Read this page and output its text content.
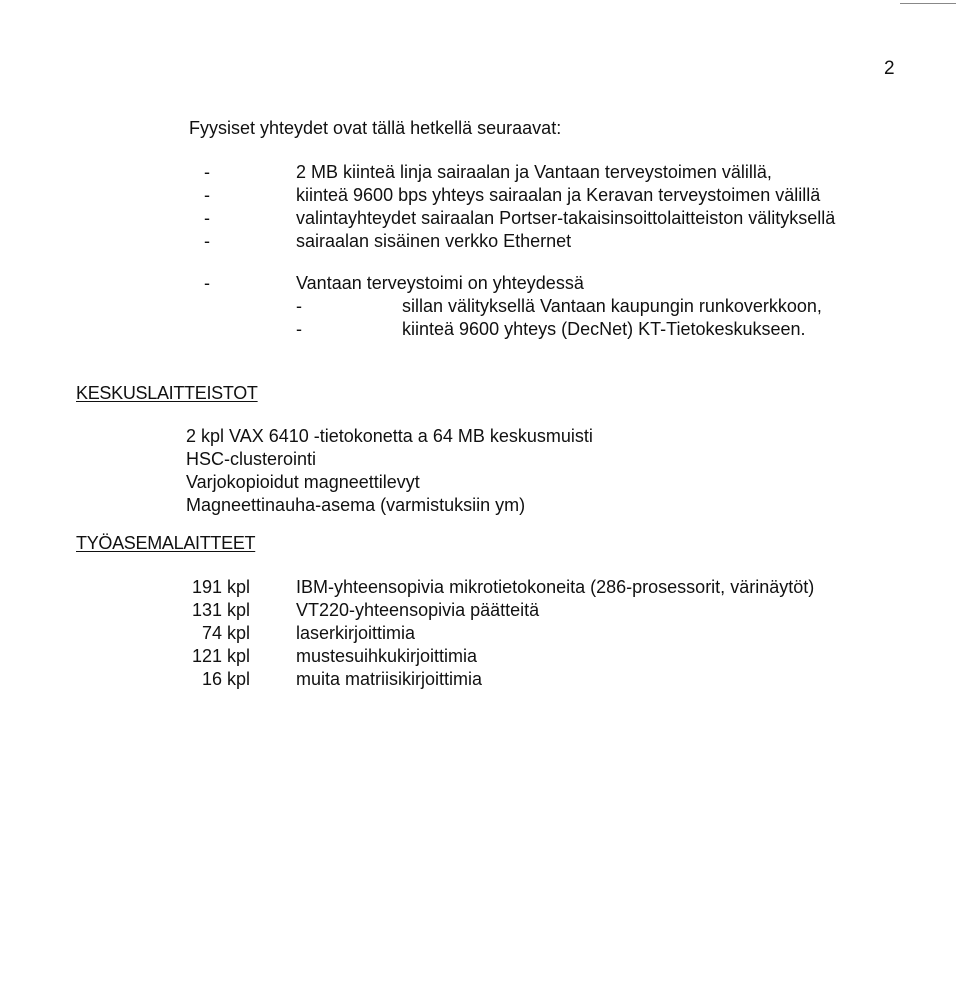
2
Fyysiset yhteydet ovat tällä hetkellä seuraavat:
-	2 MB kiinteä linja sairaalan ja Vantaan terveystoimen välillä,
-	kiinteä 9600 bps yhteys sairaalan ja Keravan terveystoimen välillä
-	valintayhteydet sairaalan Portser-takaisinsoittolaitteiston välityksellä
-	sairaalan sisäinen verkko Ethernet
-	Vantaan terveystoimi on yhteydessä
-	sillan välityksellä Vantaan kaupungin runkoverkkoon,
-	kiinteä 9600 yhteys (DecNet) KT-Tietokeskukseen.
KESKUSLAITTEISTOT
2 kpl VAX 6410 -tietokonetta a 64 MB keskusmuisti
HSC-clusterointi
Varjokopioidut magneettilevyt
Magneettinauha-asema (varmistuksiin ym)
TYÖASEMALAITTEET
191 kpl	IBM-yhteensopivia mikrotietokoneita (286-prosessorit, värinäytöt)
131 kpl	VT220-yhteensopivia päätteitä
74 kpl	laserkirjoittimia
121 kpl	mustesuihkukirjoittimia
16 kpl	muita matriisikirjoittimia
